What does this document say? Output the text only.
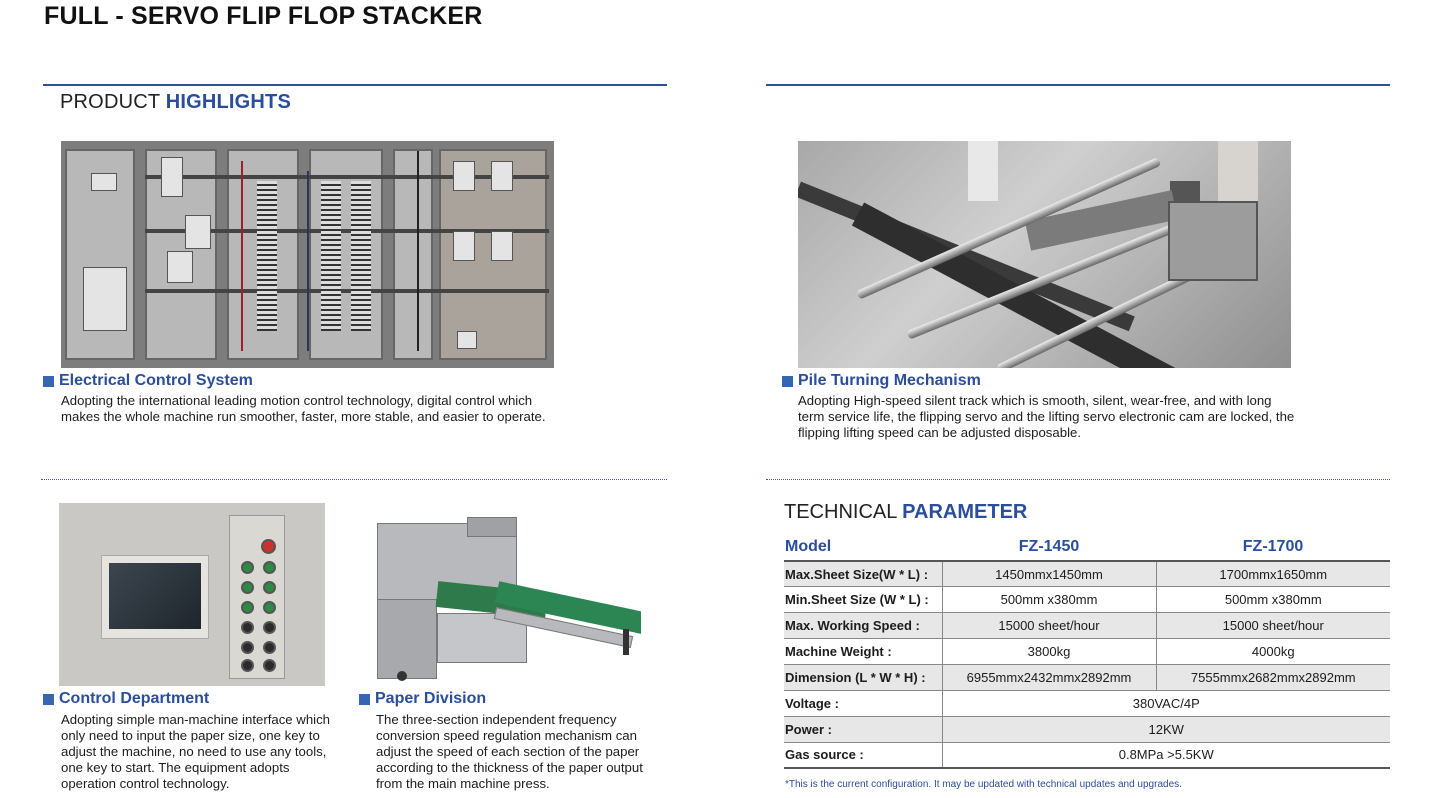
FULL - SERVO FLIP FLOP STACKER
PRODUCT HIGHLIGHTS
Electrical Control System
Adopting the international leading motion control technology, digital control which makes the whole machine run smoother, faster, more stable, and easier to operate.
Pile Turning Mechanism
Adopting High-speed silent track which is smooth, silent, wear-free, and with long term service life, the flipping servo and the lifting servo electronic cam are locked, the flipping lifting speed can be adjusted disposable.
Control Department
Adopting simple man-machine interface which only need to input the paper size, one key to adjust the machine, no need to use any tools, one key to start. The equipment adopts operation control technology.
Paper Division
The three-section independent frequency conversion speed regulation mechanism can adjust the speed of each section of the paper according to the thickness of the paper output from the main machine press.
TECHNICAL PARAMETER
Model	FZ-1450	FZ-1700
Max.Sheet Size(W * L) :	1450mmx1450mm	1700mmx1650mm
Min.Sheet Size (W * L) :	500mm x380mm	500mm x380mm
Max. Working Speed :	15000 sheet/hour	15000 sheet/hour
Machine Weight :	3800kg	4000kg
Dimension (L * W * H) :	6955mmx2432mmx2892mm	7555mmx2682mmx2892mm
Voltage :	380VAC/4P	
Power :	12KW	
Gas source :	0.8MPa >5.5KW	
*This is the current configuration. It may be updated with technical updates and upgrades.
